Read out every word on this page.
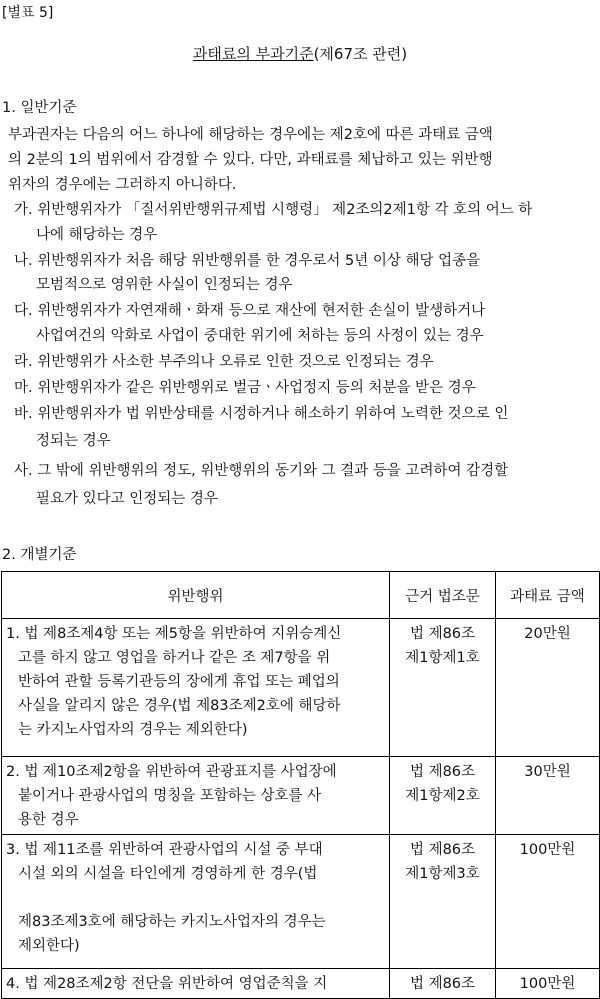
[별표 5]
과태료의 부과기준(제67조 관련)
1. 일반기준
부과권자는 다음의 어느 하나에 해당하는 경우에는 제2호에 따른 과태료 금액
의 2분의 1의 범위에서 감경할 수 있다. 다만, 과태료를 체납하고 있는 위반행
위자의 경우에는 그러하지 아니하다.
가. 위반행위자가 「질서위반행위규제법 시행령」 제2조의2제1항 각 호의 어느 하
나에 해당하는 경우
나. 위반행위자가 처음 해당 위반행위를 한 경우로서 5년 이상 해당 업종을
모범적으로 영위한 사실이 인정되는 경우
다. 위반행위자가 자연재해ㆍ화재 등으로 재산에 현저한 손실이 발생하거나
사업여건의 악화로 사업이 중대한 위기에 처하는 등의 사정이 있는 경우
라. 위반행위가 사소한 부주의나 오류로 인한 것으로 인정되는 경우
마. 위반행위자가 같은 위반행위로 벌금ㆍ사업정지 등의 처분을 받은 경우
바. 위반행위자가 법 위반상태를 시정하거나 해소하기 위하여 노력한 것으로 인
정되는 경우
사. 그 밖에 위반행위의 정도, 위반행위의 동기와 그 결과 등을 고려하여 감경할
필요가 있다고 인정되는 경우
2. 개별기준
위반행위	근거 법조문	과태료 금액

1. 법 제8조제4항 또는 제5항을 위반하여 지위승계신
고를 하지 않고 영업을 하거나 같은 조 제7항을 위
반하여 관할 등록기관등의 장에게 휴업 또는 폐업의
사실을 알리지 않은 경우(법 제83조제2호에 해당하
는 카지노사업자의 경우는 제외한다)	법 제86조
제1항제1호	20만원

2. 법 제10조제2항을 위반하여 관광표지를 사업장에
붙이거나 관광사업의 명칭을 포함하는 상호를 사
용한 경우	법 제86조
제1항제2호	30만원

3. 법 제11조를 위반하여 관광사업의 시설 중 부대
시설 외의 시설을 타인에게 경영하게 한 경우(법
제83조제3호에 해당하는 카지노사업자의 경우는
제외한다)	법 제86조
제1항제3호	100만원

4. 법 제28조제2항 전단을 위반하여 영업준칙을 지	법 제86조	100만원
